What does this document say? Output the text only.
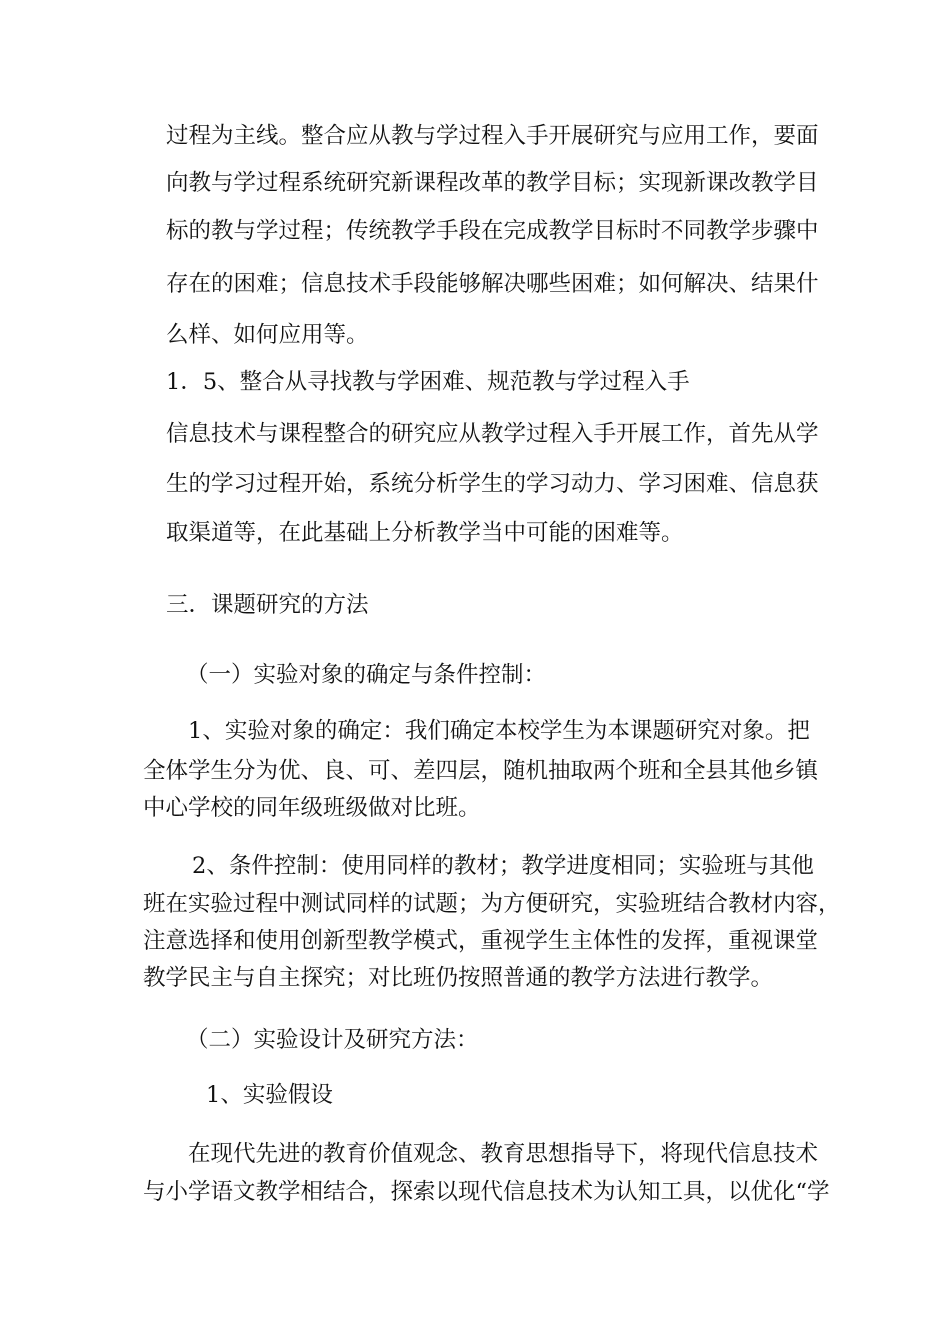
过程为主线。整合应从教与学过程入手开展研究与应用工作，要面
向教与学过程系统研究新课程改革的教学目标；实现新课改教学目
标的教与学过程；传统教学手段在完成教学目标时不同教学步骤中
存在的困难；信息技术手段能够解决哪些困难；如何解决、结果什
么样、如何应用等。
1．5、整合从寻找教与学困难、规范教与学过程入手
信息技术与课程整合的研究应从教学过程入手开展工作，首先从学
生的学习过程开始，系统分析学生的学习动力、学习困难、信息获
取渠道等，在此基础上分析教学当中可能的困难等。
三．课题研究的方法
（一）实验对象的确定与条件控制：
1、实验对象的确定：我们确定本校学生为本课题研究对象。把
全体学生分为优、良、可、差四层，随机抽取两个班和全县其他乡镇
中心学校的同年级班级做对比班。
2、条件控制：使用同样的教材；教学进度相同；实验班与其他
班在实验过程中测试同样的试题；为方便研究，实验班结合教材内容，
注意选择和使用创新型教学模式，重视学生主体性的发挥，重视课堂
教学民主与自主探究；对比班仍按照普通的教学方法进行教学。
（二）实验设计及研究方法：
1、实验假设
在现代先进的教育价值观念、教育思想指导下，将现代信息技术
与小学语文教学相结合，探索以现代信息技术为认知工具，以优化“学
